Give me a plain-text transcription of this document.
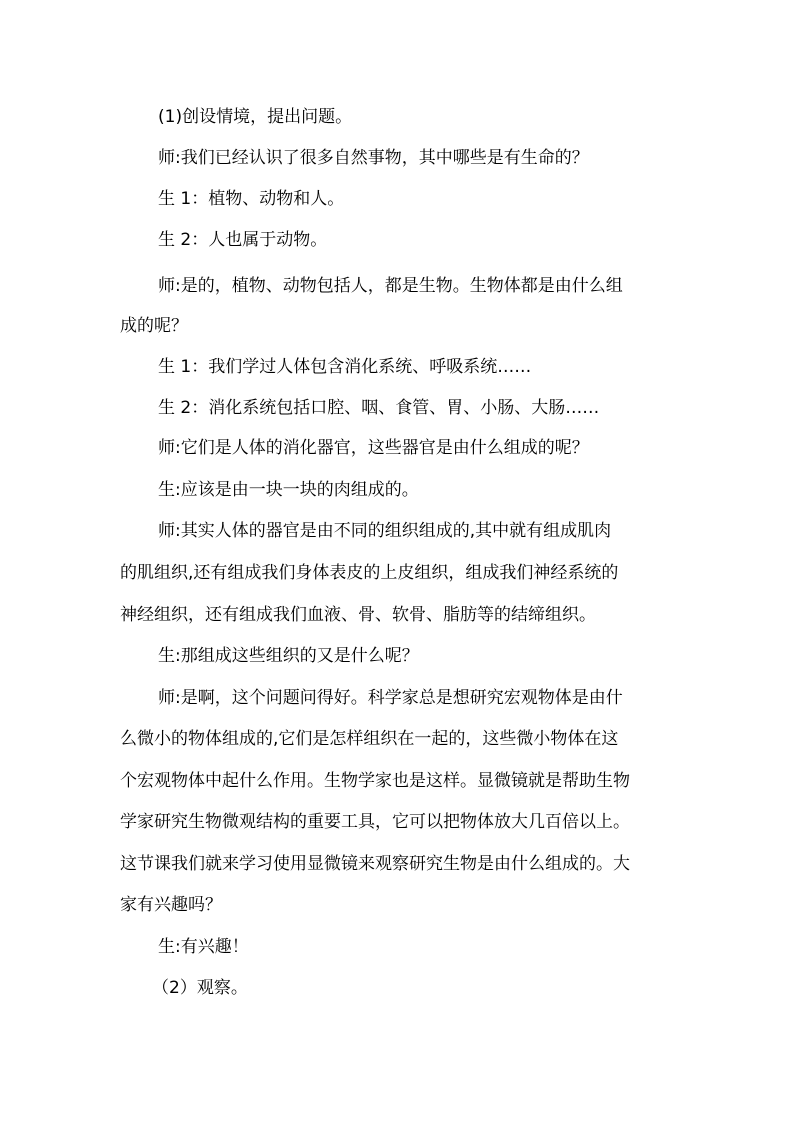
(1)创设情境，提出问题。

师:我们已经认识了很多自然事物，其中哪些是有生命的？

生 1：植物、动物和人。

生 2：人也属于动物。

师:是的，植物、动物包括人，都是生物。生物体都是由什么组

成的呢？

生 1：我们学过人体包含消化系统、呼吸系统……

生 2：消化系统包括口腔、咽、食管、胃、小肠、大肠……

师:它们是人体的消化器官，这些器官是由什么组成的呢？

生:应该是由一块一块的肉组成的。

师:其实人体的器官是由不同的组织组成的,其中就有组成肌肉

的肌组织,还有组成我们身体表皮的上皮组织，组成我们神经系统的

神经组织，还有组成我们血液、骨、软骨、脂肪等的结缔组织。

生:那组成这些组织的又是什么呢？

师:是啊，这个问题问得好。科学家总是想研究宏观物体是由什

么微小的物体组成的,它们是怎样组织在一起的，这些微小物体在这

个宏观物体中起什么作用。生物学家也是这样。显微镜就是帮助生物

学家研究生物微观结构的重要工具，它可以把物体放大几百倍以上。

这节课我们就来学习使用显微镜来观察研究生物是由什么组成的。大

家有兴趣吗？

生:有兴趣！

（2）观察。
